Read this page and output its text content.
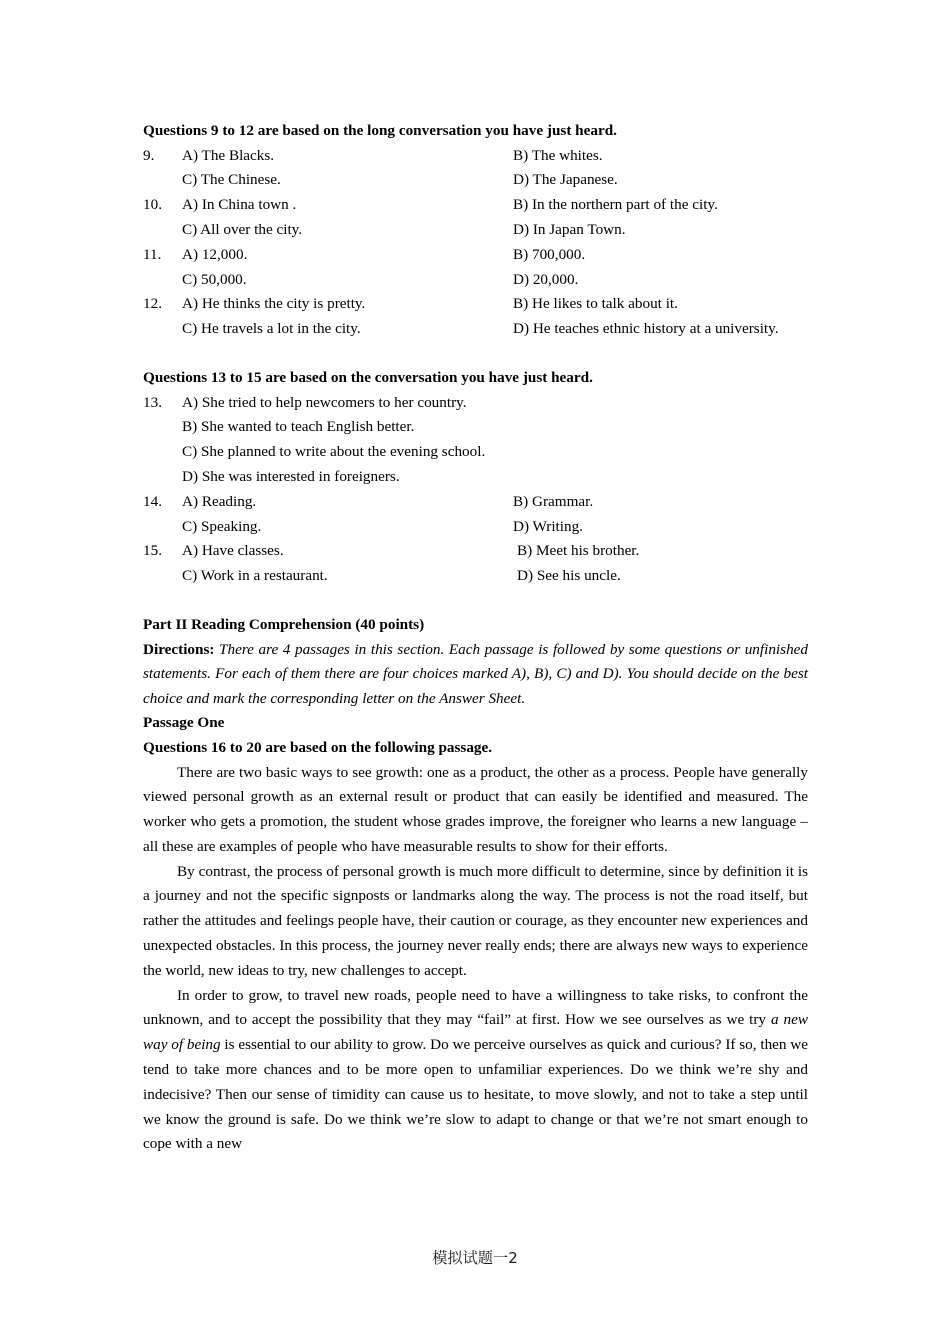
Questions 9 to 12 are based on the long conversation you have just heard.

9.

	A) The Blacks.

	B) The whites.

C) The Chinese.

	D) The Japanese.

10.

	A) In China town .

	B) In the northern part of the city.

C) All over the city.

	D) In Japan Town.

11.

	A) 12,000.

	B) 700,000.

C) 50,000.

	D) 20,000.

12.

	A) He thinks the city is pretty.

	B) He likes to talk about it.

C) He travels a lot in the city.

	D) He teaches ethnic history at a university.

Questions 13 to 15 are based on the conversation you have just heard.

13.

	A) She tried to help newcomers to her country.

B) She wanted to teach English better.

C) She planned to write about the evening school.

D) She was interested in foreigners.

14.

	A) Reading.

	B) Grammar.

C) Speaking.

	D) Writing.

15.

	A) Have classes.

	B) Meet his brother.

C) Work in a restaurant.

	D) See his uncle.

Part II Reading Comprehension (40 points)

Directions: There are 4 passages in this section. Each passage is followed by some questions or unfinished statements. For each of them there are four choices marked A), B), C) and D). You should decide on the best choice and mark the corresponding letter on the Answer Sheet.

Passage One
Questions 16 to 20 are based on the following passage.

There are two basic ways to see growth: one as a product, the other as a process. People have generally viewed personal growth as an external result or product that can easily be identified and measured. The worker who gets a promotion, the student whose grades improve, the foreigner who learns a new language – all these are examples of people who have measurable results to show for their efforts.

By contrast, the process of personal growth is much more difficult to determine, since by definition it is a journey and not the specific signposts or landmarks along the way. The process is not the road itself, but rather the attitudes and feelings people have, their caution or courage, as they encounter new experiences and unexpected obstacles. In this process, the journey never really ends; there are always new ways to experience the world, new ideas to try, new challenges to accept.

In order to grow, to travel new roads, people need to have a willingness to take risks, to confront the unknown, and to accept the possibility that they may “fail” at first. How we see ourselves as we try a new way of being is essential to our ability to grow. Do we perceive ourselves as quick and curious? If so, then we tend to take more chances and to be more open to unfamiliar experiences. Do we think we’re shy and indecisive? Then our sense of timidity can cause us to hesitate, to move slowly, and not to take a step until we know the ground is safe. Do we think we’re slow to adapt to change or that we’re not smart enough to cope with a new

模拟试题一2
